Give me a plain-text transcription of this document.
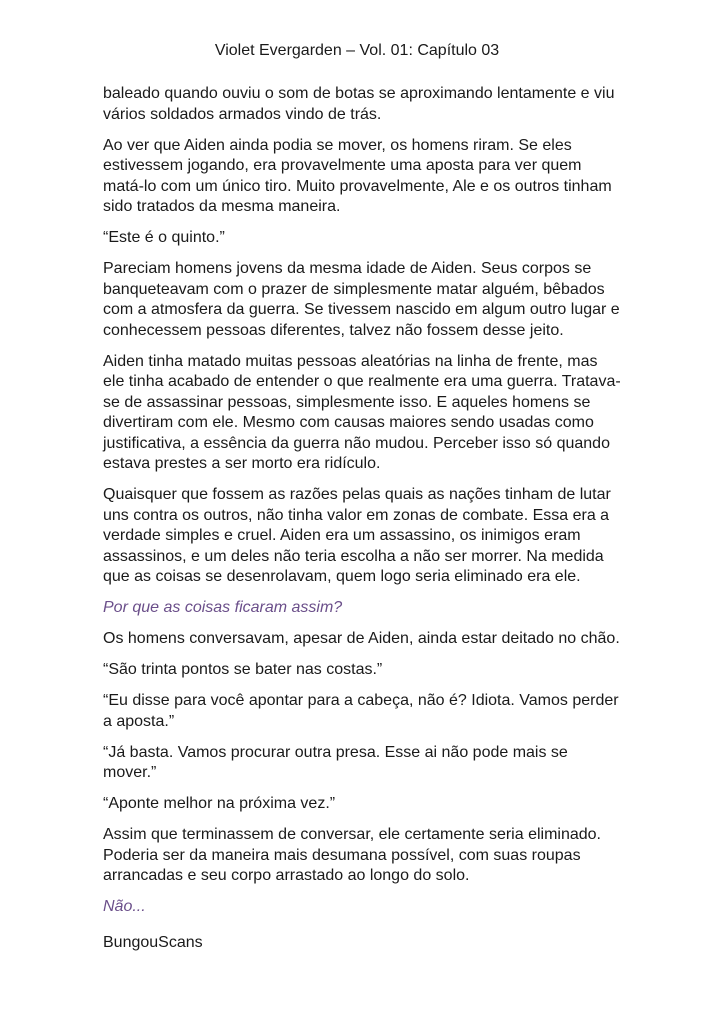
Violet Evergarden – Vol. 01: Capítulo 03

baleado quando ouviu o som de botas se aproximando lentamente e viu vários soldados armados vindo de trás.

Ao ver que Aiden ainda podia se mover, os homens riram. Se eles estivessem jogando, era provavelmente uma aposta para ver quem matá-lo com um único tiro. Muito provavelmente, Ale e os outros tinham sido tratados da mesma maneira.

“Este é o quinto.”

Pareciam homens jovens da mesma idade de Aiden. Seus corpos se banqueteavam com o prazer de simplesmente matar alguém, bêbados com a atmosfera da guerra. Se tivessem nascido em algum outro lugar e conhecessem pessoas diferentes, talvez não fossem desse jeito.

Aiden tinha matado muitas pessoas aleatórias na linha de frente, mas ele tinha acabado de entender o que realmente era uma guerra. Tratava-se de assassinar pessoas, simplesmente isso. E aqueles homens se divertiram com ele. Mesmo com causas maiores sendo usadas como justificativa, a essência da guerra não mudou. Perceber isso só quando estava prestes a ser morto era ridículo.

Quaisquer que fossem as razões pelas quais as nações tinham de lutar uns contra os outros, não tinha valor em zonas de combate. Essa era a verdade simples e cruel. Aiden era um assassino, os inimigos eram assassinos, e um deles não teria escolha a não ser morrer. Na medida que as coisas se desenrolavam, quem logo seria eliminado era ele.

Por que as coisas ficaram assim?

Os homens conversavam, apesar de Aiden, ainda estar deitado no chão.

“São trinta pontos se bater nas costas.”

“Eu disse para você apontar para a cabeça, não é? Idiota. Vamos perder a aposta.”

“Já basta. Vamos procurar outra presa. Esse ai não pode mais se mover.”

“Aponte melhor na próxima vez.”

Assim que terminassem de conversar, ele certamente seria eliminado. Poderia ser da maneira mais desumana possível, com suas roupas arrancadas e seu corpo arrastado ao longo do solo.

Não...

BungouScans
